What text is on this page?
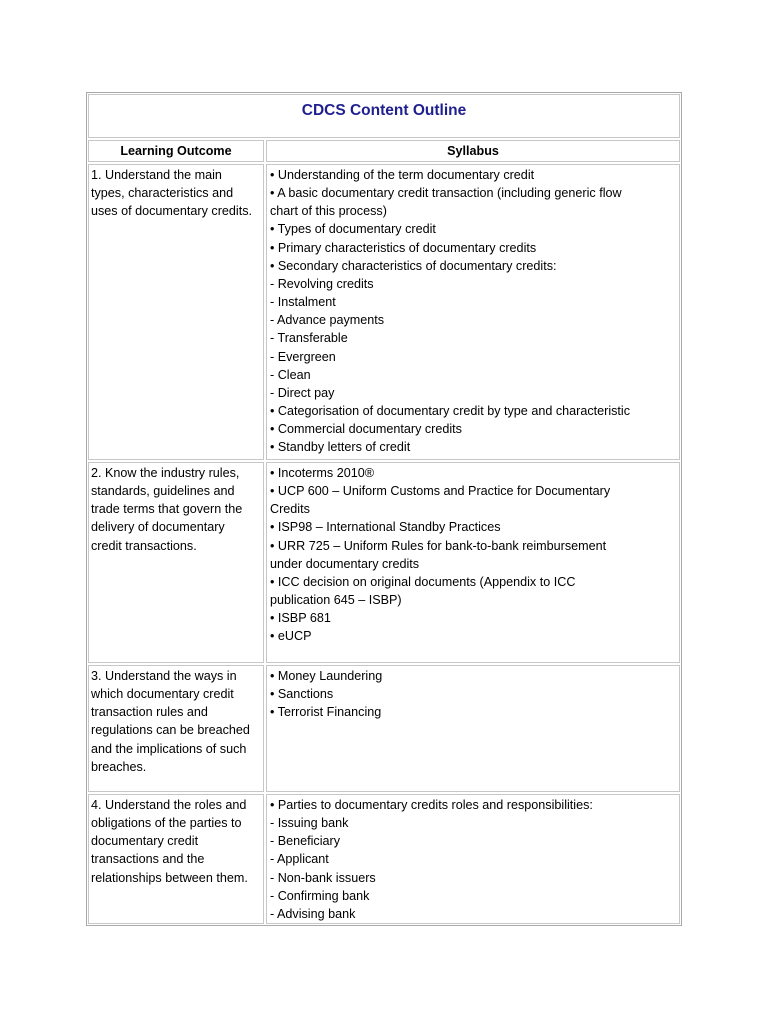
CDCS Content Outline
Learning Outcome	Syllabus
1. Understand the main
types, characteristics and
uses of documentary credits.
• Understanding of the term documentary credit
• A basic documentary credit transaction (including generic flow
chart of this process)
• Types of documentary credit
• Primary characteristics of documentary credits
• Secondary characteristics of documentary credits:
- Revolving credits
- Instalment
- Advance payments
- Transferable
- Evergreen
- Clean
- Direct pay
• Categorisation of documentary credit by type and characteristic
• Commercial documentary credits
• Standby letters of credit
2. Know the industry rules,
standards, guidelines and
trade terms that govern the
delivery of documentary
credit transactions.
• Incoterms 2010®
• UCP 600 – Uniform Customs and Practice for Documentary
Credits
• ISP98 – International Standby Practices
• URR 725 – Uniform Rules for bank-to-bank reimbursement
under documentary credits
• ICC decision on original documents (Appendix to ICC
publication 645 – ISBP)
• ISBP 681
• eUCP
3. Understand the ways in
which documentary credit
transaction rules and
regulations can be breached
and the implications of such
breaches.
• Money Laundering
• Sanctions
• Terrorist Financing
4. Understand the roles and
obligations of the parties to
documentary credit
transactions and the
relationships between them.
• Parties to documentary credits roles and responsibilities:
- Issuing bank
- Beneficiary
- Applicant
- Non-bank issuers
- Confirming bank
- Advising bank
